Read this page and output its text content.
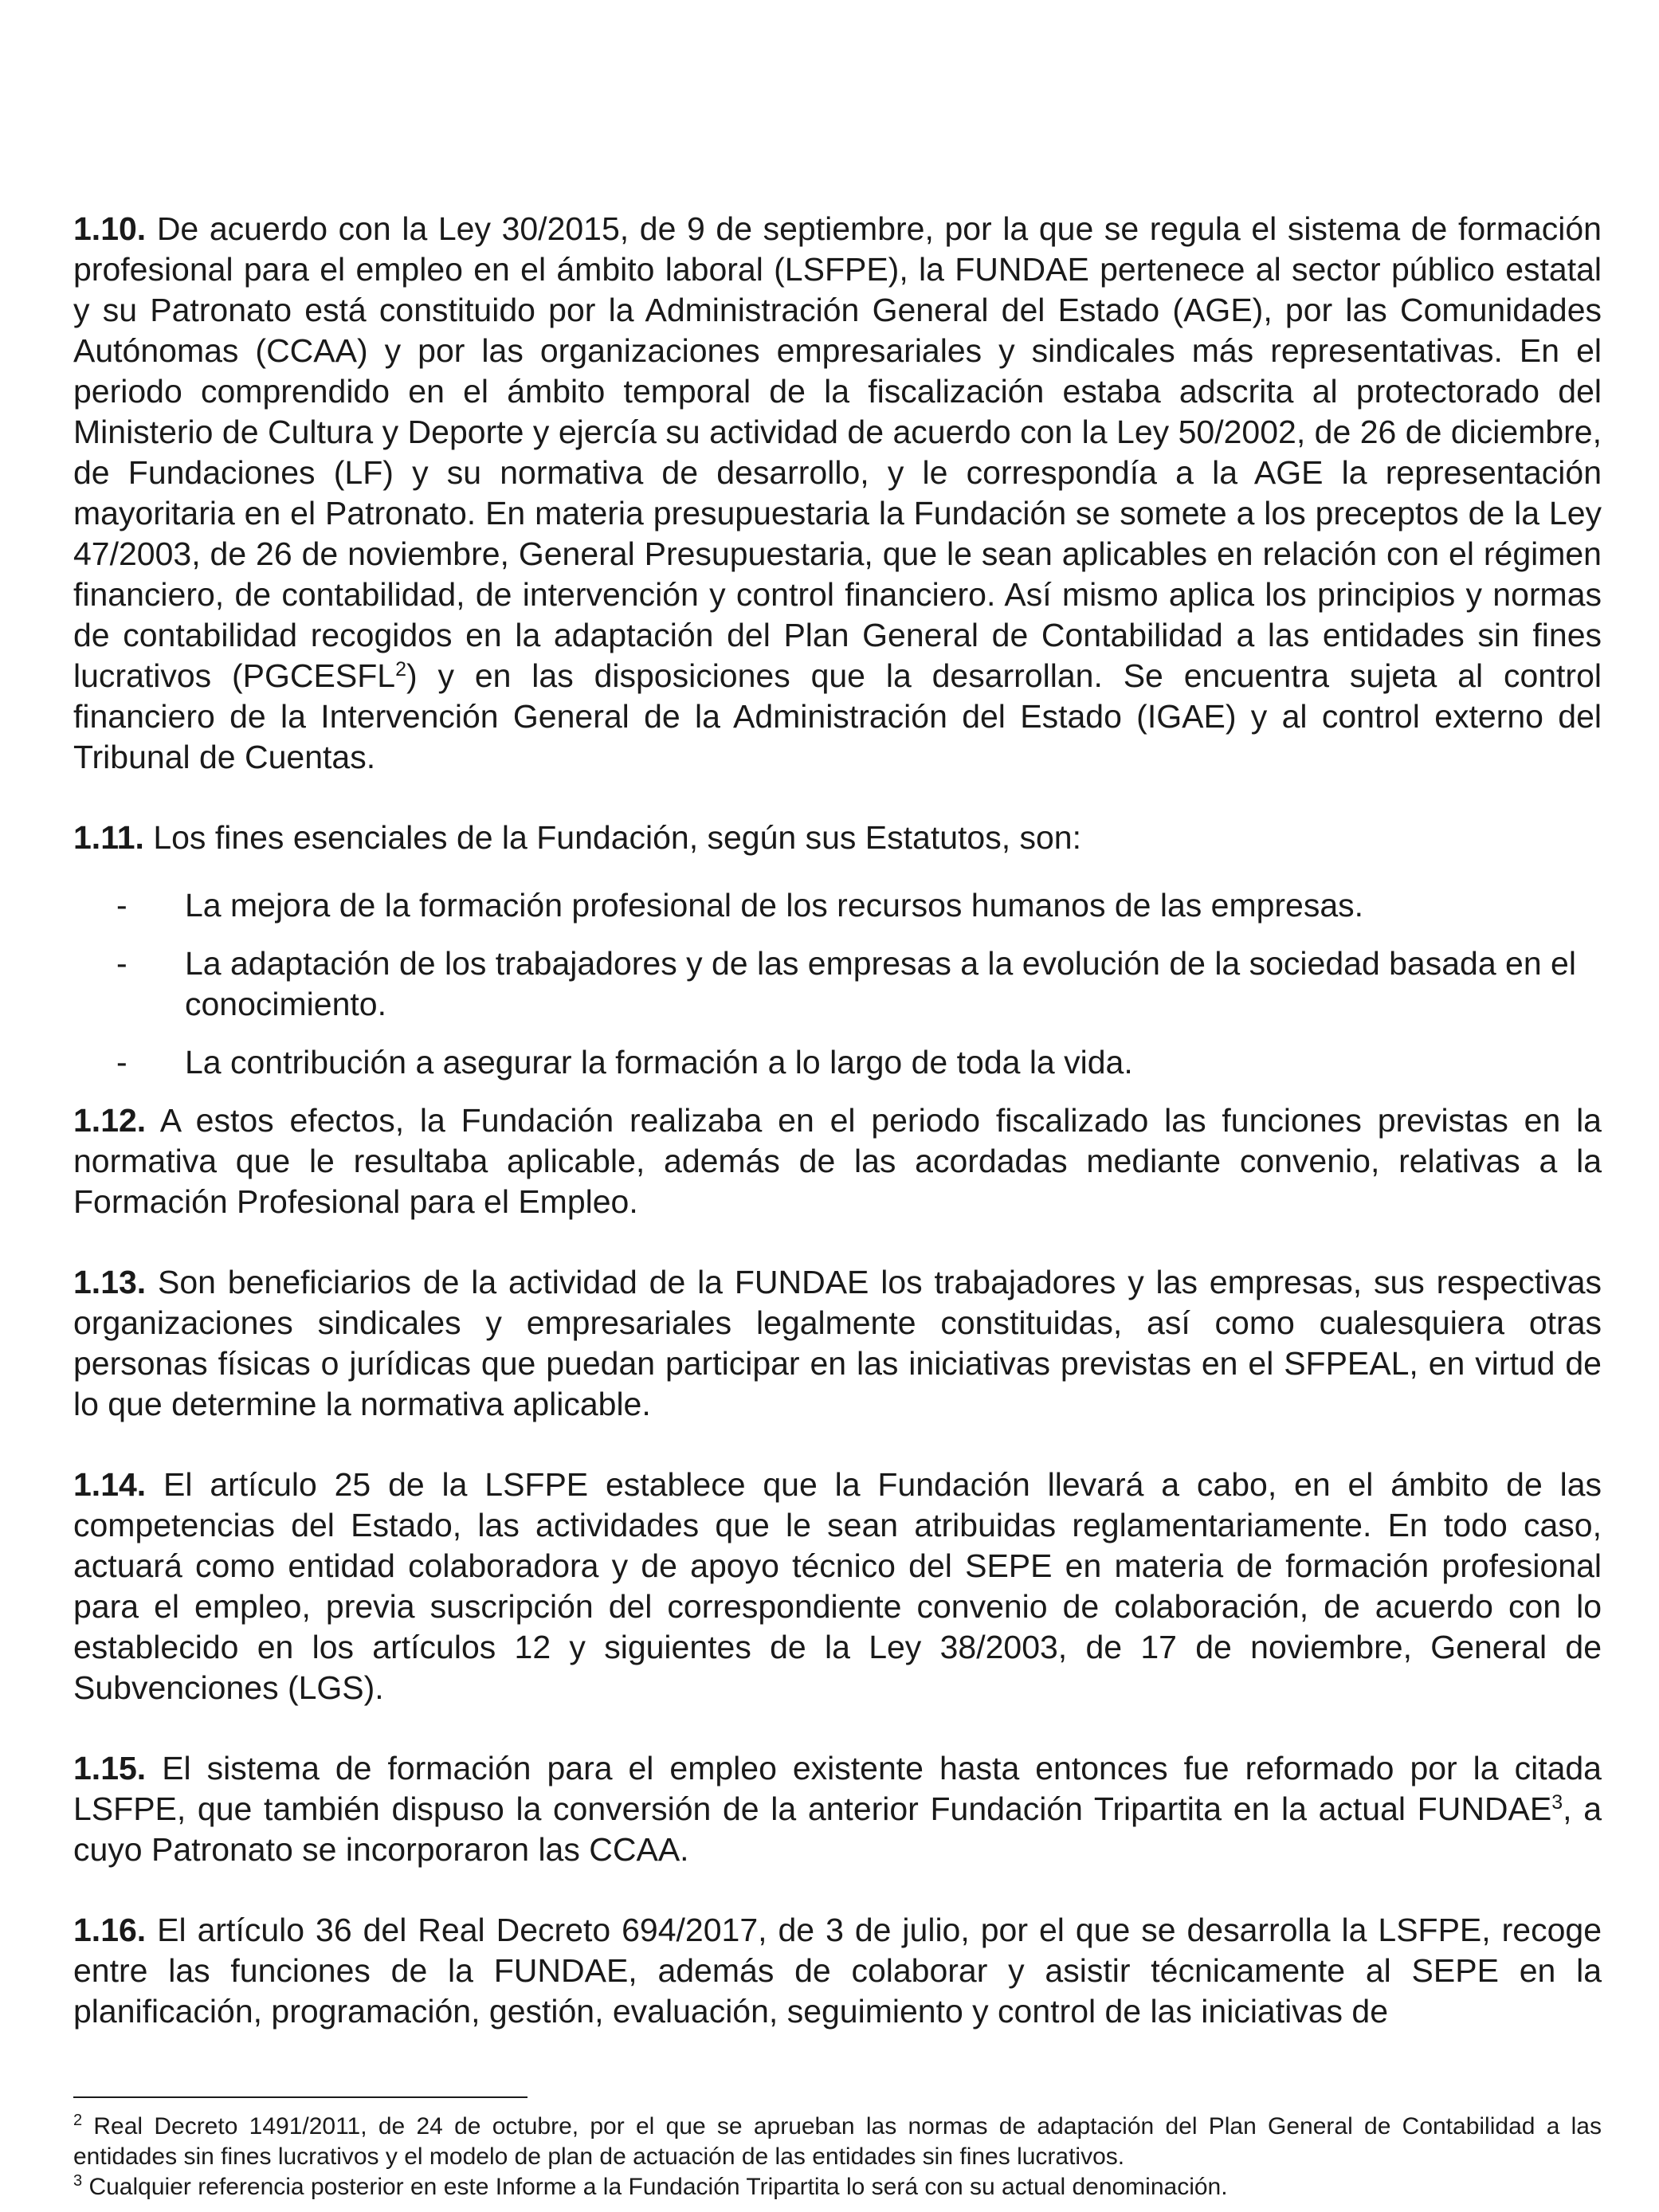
1.10. De acuerdo con la Ley 30/2015, de 9 de septiembre, por la que se regula el sistema de formación profesional para el empleo en el ámbito laboral (LSFPE), la FUNDAE pertenece al sector público estatal y su Patronato está constituido por la Administración General del Estado (AGE), por las Comunidades Autónomas (CCAA) y por las organizaciones empresariales y sindicales más representativas. En el periodo comprendido en el ámbito temporal de la fiscalización estaba adscrita al protectorado del Ministerio de Cultura y Deporte y ejercía su actividad de acuerdo con la Ley 50/2002, de 26 de diciembre, de Fundaciones (LF) y su normativa de desarrollo, y le correspondía a la AGE la representación mayoritaria en el Patronato. En materia presupuestaria la Fundación se somete a los preceptos de la Ley 47/2003, de 26 de noviembre, General Presupuestaria, que le sean aplicables en relación con el régimen financiero, de contabilidad, de intervención y control financiero. Así mismo aplica los principios y normas de contabilidad recogidos en la adaptación del Plan General de Contabilidad a las entidades sin fines lucrativos (PGCESFL$^2$) y en las disposiciones que la desarrollan. Se encuentra sujeta al control financiero de la Intervención General de la Administración del Estado (IGAE) y al control externo del Tribunal de Cuentas.

1.11. Los fines esenciales de la Fundación, según sus Estatutos, son:

- La mejora de la formación profesional de los recursos humanos de las empresas.
- La adaptación de los trabajadores y de las empresas a la evolución de la sociedad basada en el conocimiento.
- La contribución a asegurar la formación a lo largo de toda la vida.

1.12. A estos efectos, la Fundación realizaba en el periodo fiscalizado las funciones previstas en la normativa que le resultaba aplicable, además de las acordadas mediante convenio, relativas a la Formación Profesional para el Empleo.

1.13. Son beneficiarios de la actividad de la FUNDAE los trabajadores y las empresas, sus respectivas organizaciones sindicales y empresariales legalmente constituidas, así como cualesquiera otras personas físicas o jurídicas que puedan participar en las iniciativas previstas en el SFPEAL, en virtud de lo que determine la normativa aplicable.

1.14. El artículo 25 de la LSFPE establece que la Fundación llevará a cabo, en el ámbito de las competencias del Estado, las actividades que le sean atribuidas reglamentariamente. En todo caso, actuará como entidad colaboradora y de apoyo técnico del SEPE en materia de formación profesional para el empleo, previa suscripción del correspondiente convenio de colaboración, de acuerdo con lo establecido en los artículos 12 y siguientes de la Ley 38/2003, de 17 de noviembre, General de Subvenciones (LGS).

1.15. El sistema de formación para el empleo existente hasta entonces fue reformado por la citada LSFPE, que también dispuso la conversión de la anterior Fundación Tripartita en la actual FUNDAE$^3$, a cuyo Patronato se incorporaron las CCAA.

1.16. El artículo 36 del Real Decreto 694/2017, de 3 de julio, por el que se desarrolla la LSFPE, recoge entre las funciones de la FUNDAE, además de colaborar y asistir técnicamente al SEPE en la planificación, programación, gestión, evaluación, seguimiento y control de las iniciativas de

$^2$ Real Decreto 1491/2011, de 24 de octubre, por el que se aprueban las normas de adaptación del Plan General de Contabilidad a las entidades sin fines lucrativos y el modelo de plan de actuación de las entidades sin fines lucrativos.

$^3$ Cualquier referencia posterior en este Informe a la Fundación Tripartita lo será con su actual denominación.
